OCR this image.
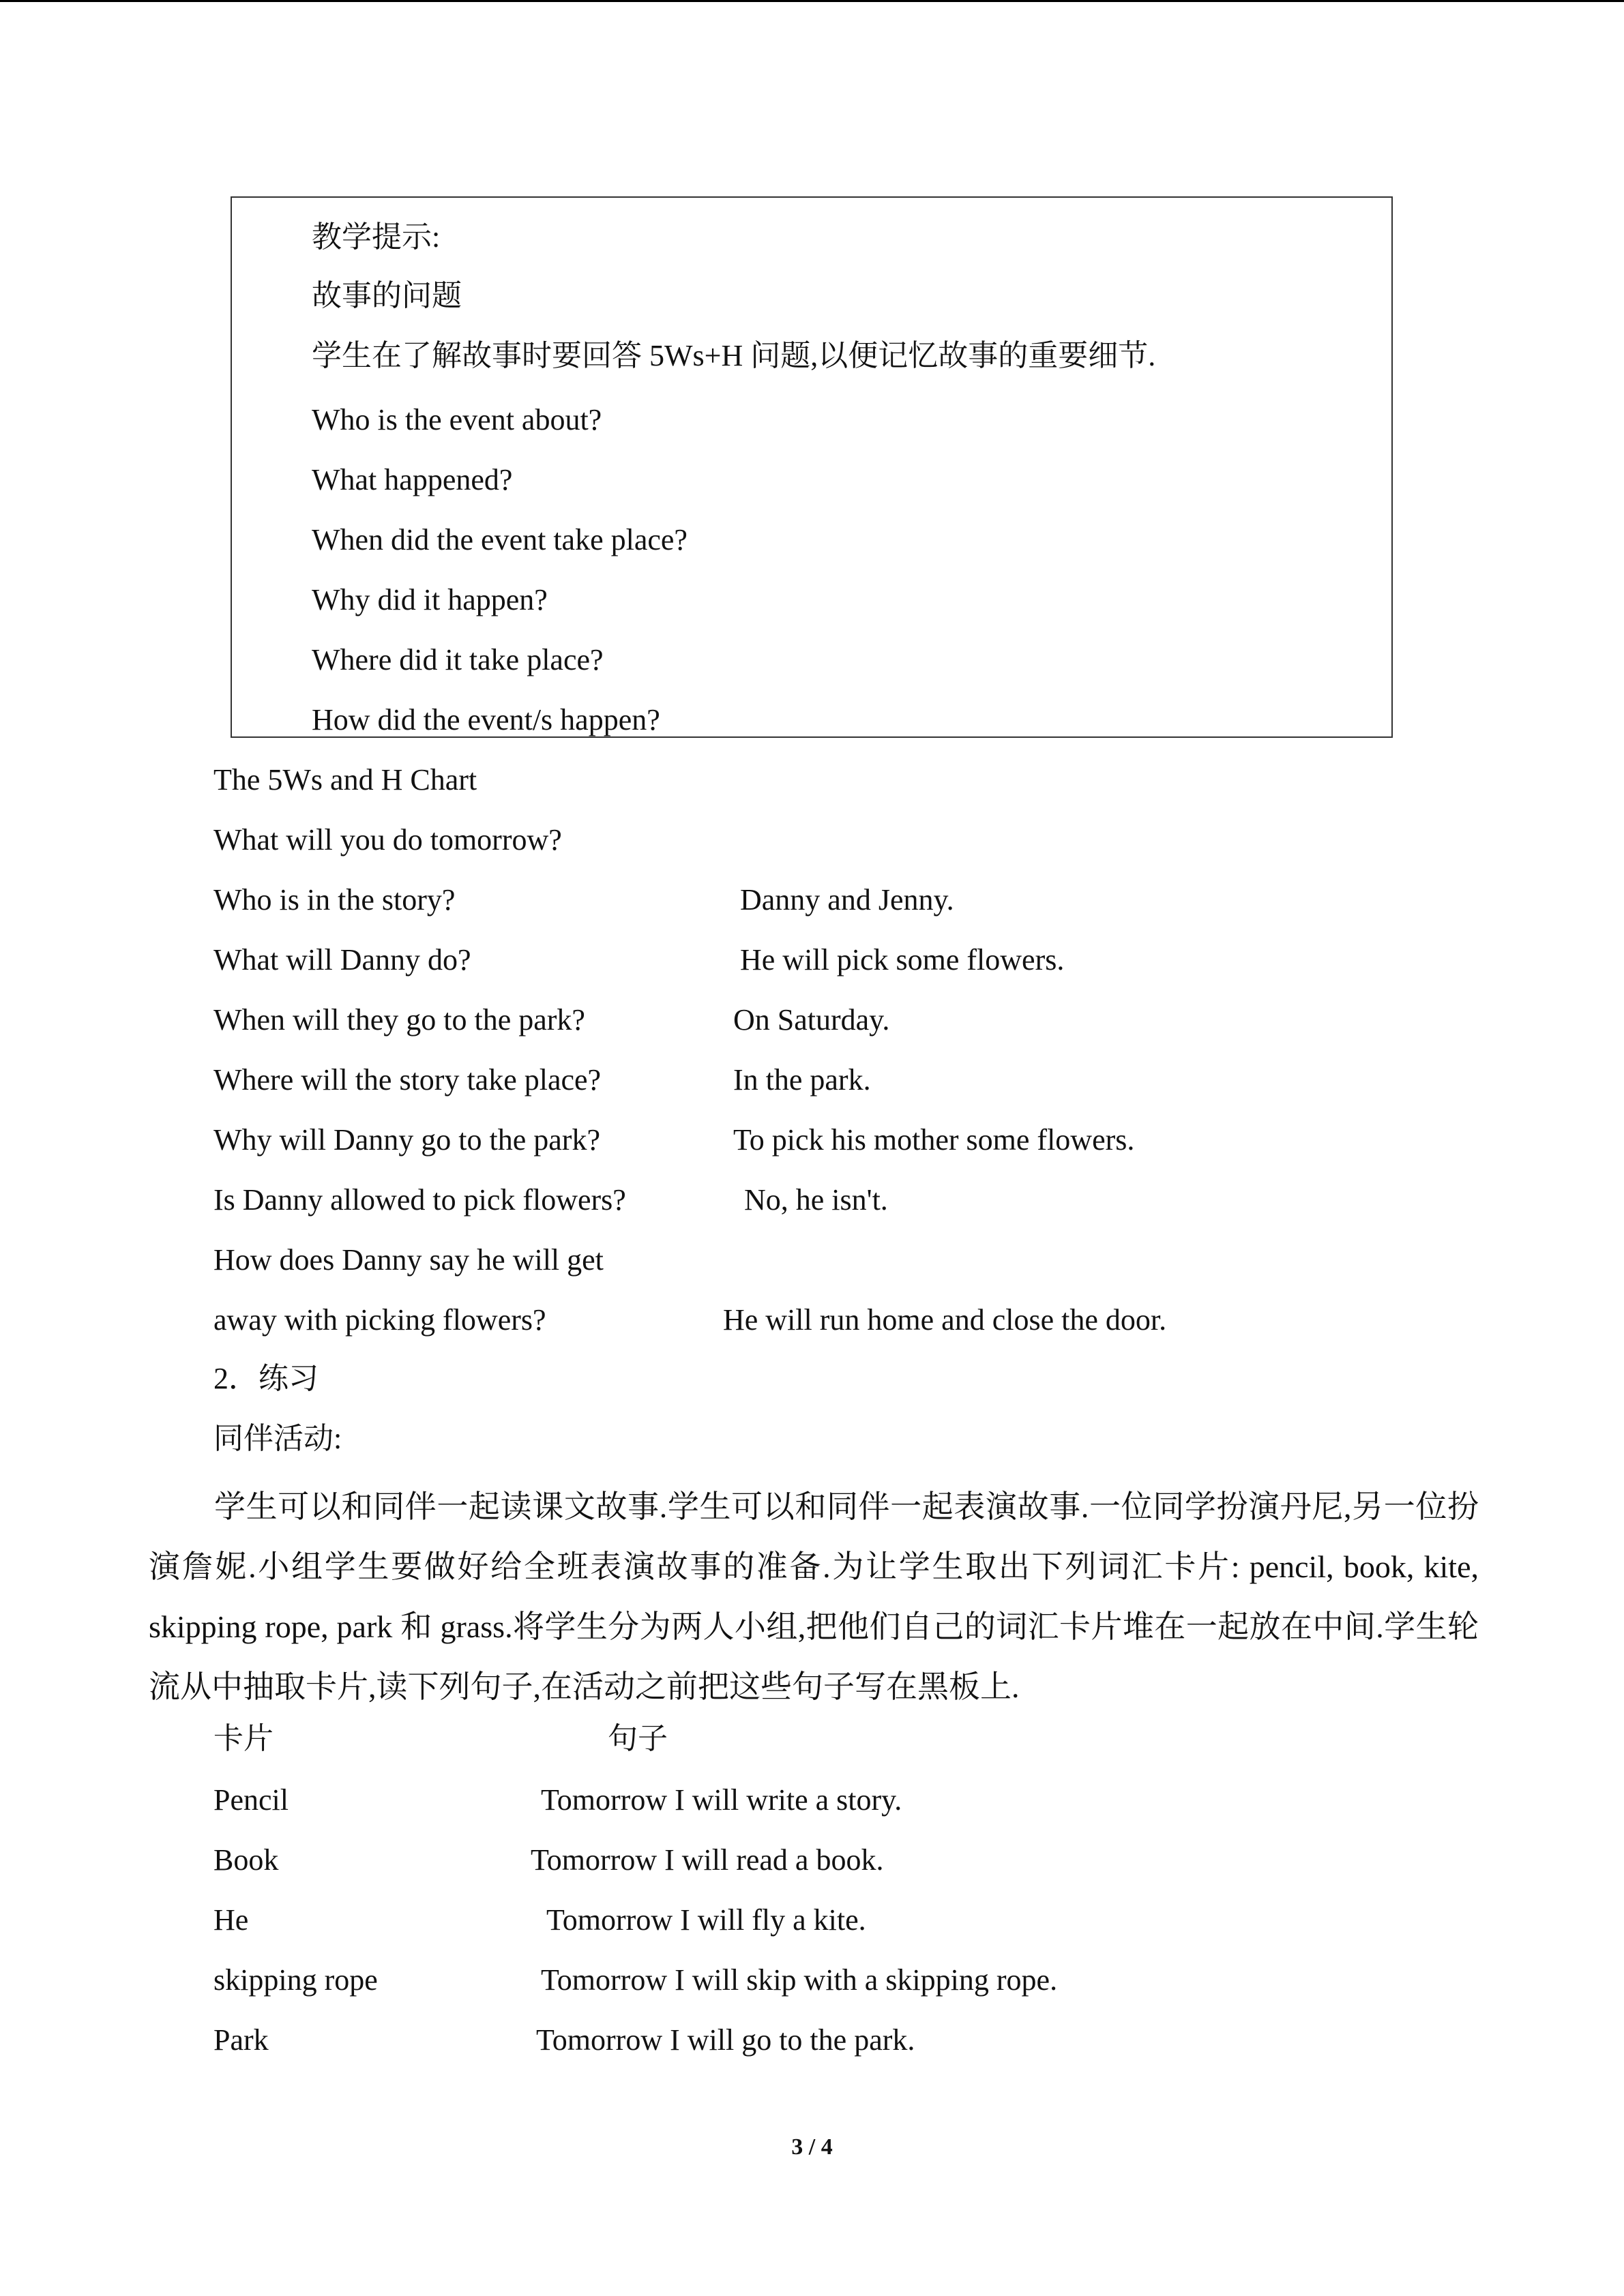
教学提示:
故事的问题
学生在了解故事时要回答 5Ws+H 问题,以便记忆故事的重要细节.
Who is the event about?
What happened?
When did the event take place?
Why did it happen?
Where did it take place?
How did the event/s happen?
The 5Ws and H Chart
What will you do tomorrow?
Who is in the story?	Danny and Jenny.
What will Danny do?	He will pick some flowers.
When will they go to the park?	On Saturday.
Where will the story take place?	In the park.
Why will Danny go to the park?	To pick his mother some flowers.
Is Danny allowed to pick flowers?	No, he isn't.
How does Danny say he will get
away with picking flowers?	He will run home and close the door.
2．练习
同伴活动:
学生可以和同伴一起读课文故事.学生可以和同伴一起表演故事.一位同学扮演丹尼,另一位扮演詹妮.小组学生要做好给全班表演故事的准备.为让学生取出下列词汇卡片: pencil, book, kite, skipping rope, park 和 grass.将学生分为两人小组,把他们自己的词汇卡片堆在一起放在中间.学生轮流从中抽取卡片,读下列句子,在活动之前把这些句子写在黑板上.
卡片	句子
Pencil	Tomorrow I will write a story.
Book	Tomorrow I will read a book.
He	Tomorrow I will fly a kite.
skipping rope	Tomorrow I will skip with a skipping rope.
Park	Tomorrow I will go to the park.
3 / 4
